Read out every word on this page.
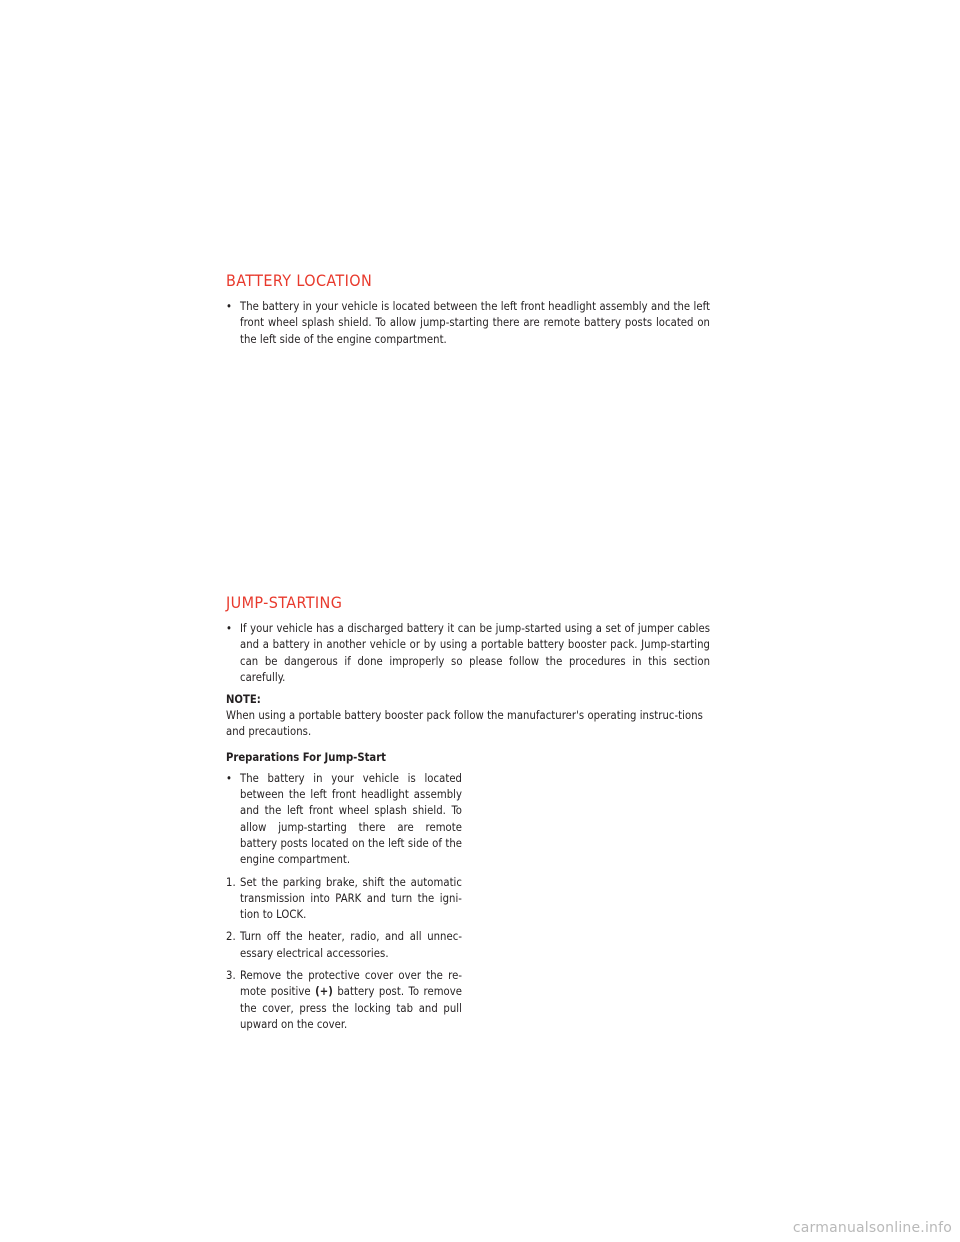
BATTERY LOCATION

• The battery in your vehicle is located between the left front headlight assembly and the left front wheel splash shield. To allow jump-starting there are remote battery posts located on the left side of the engine compartment.

JUMP-STARTING

• If your vehicle has a discharged battery it can be jump-started using a set of jumper cables and a battery in another vehicle or by using a portable battery booster pack. Jump-starting can be dangerous if done improperly so please follow the procedures in this section carefully.

NOTE:

When using a portable battery booster pack follow the manufacturer's operating instruc-tions and precautions.

Preparations For Jump-Start

• The battery in your vehicle is located between the left front headlight assembly and the left front wheel splash shield. To allow jump-starting there are remote battery posts located on the left side of the engine compartment.

1. Set the parking brake, shift the automatic transmission into PARK and turn the igni-tion to LOCK.

2. Turn off the heater, radio, and all unnec-essary electrical accessories.

3. Remove the protective cover over the re-mote positive (+) battery post. To remove the cover, press the locking tab and pull upward on the cover.

carmanualsonline.info
